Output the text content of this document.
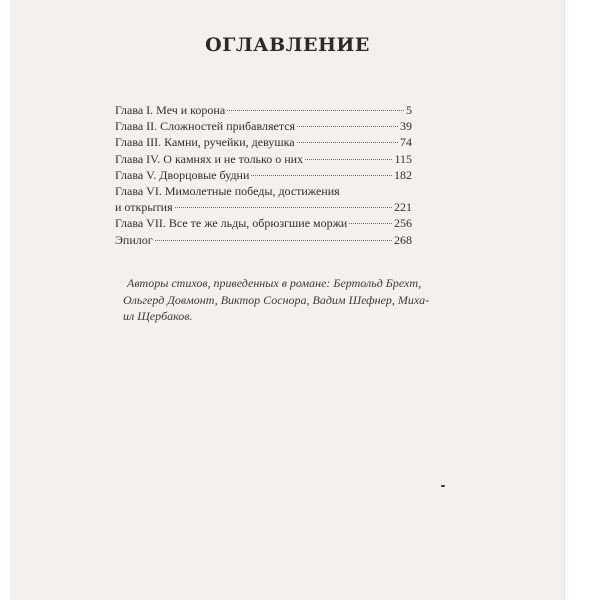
ОГЛАВЛЕНИЕ
Глава I. Меч и корона	5
Глава II. Сложностей прибавляется	39
Глава III. Камни, ручейки, девушка	74
Глава IV. О камнях и не только о них	115
Глава V. Дворцовые будни	182
Глава VI. Мимолетные победы, достижения
и открытия	221
Глава VII. Все те же льды, обрюзгшие моржи	256
Эпилог	268
Авторы стихов, приведенных в романе: Бертольд Брехт,
Ольгерд Довмонт, Виктор Соснора, Вадим Шефнер, Миха-
ил Щербаков.
